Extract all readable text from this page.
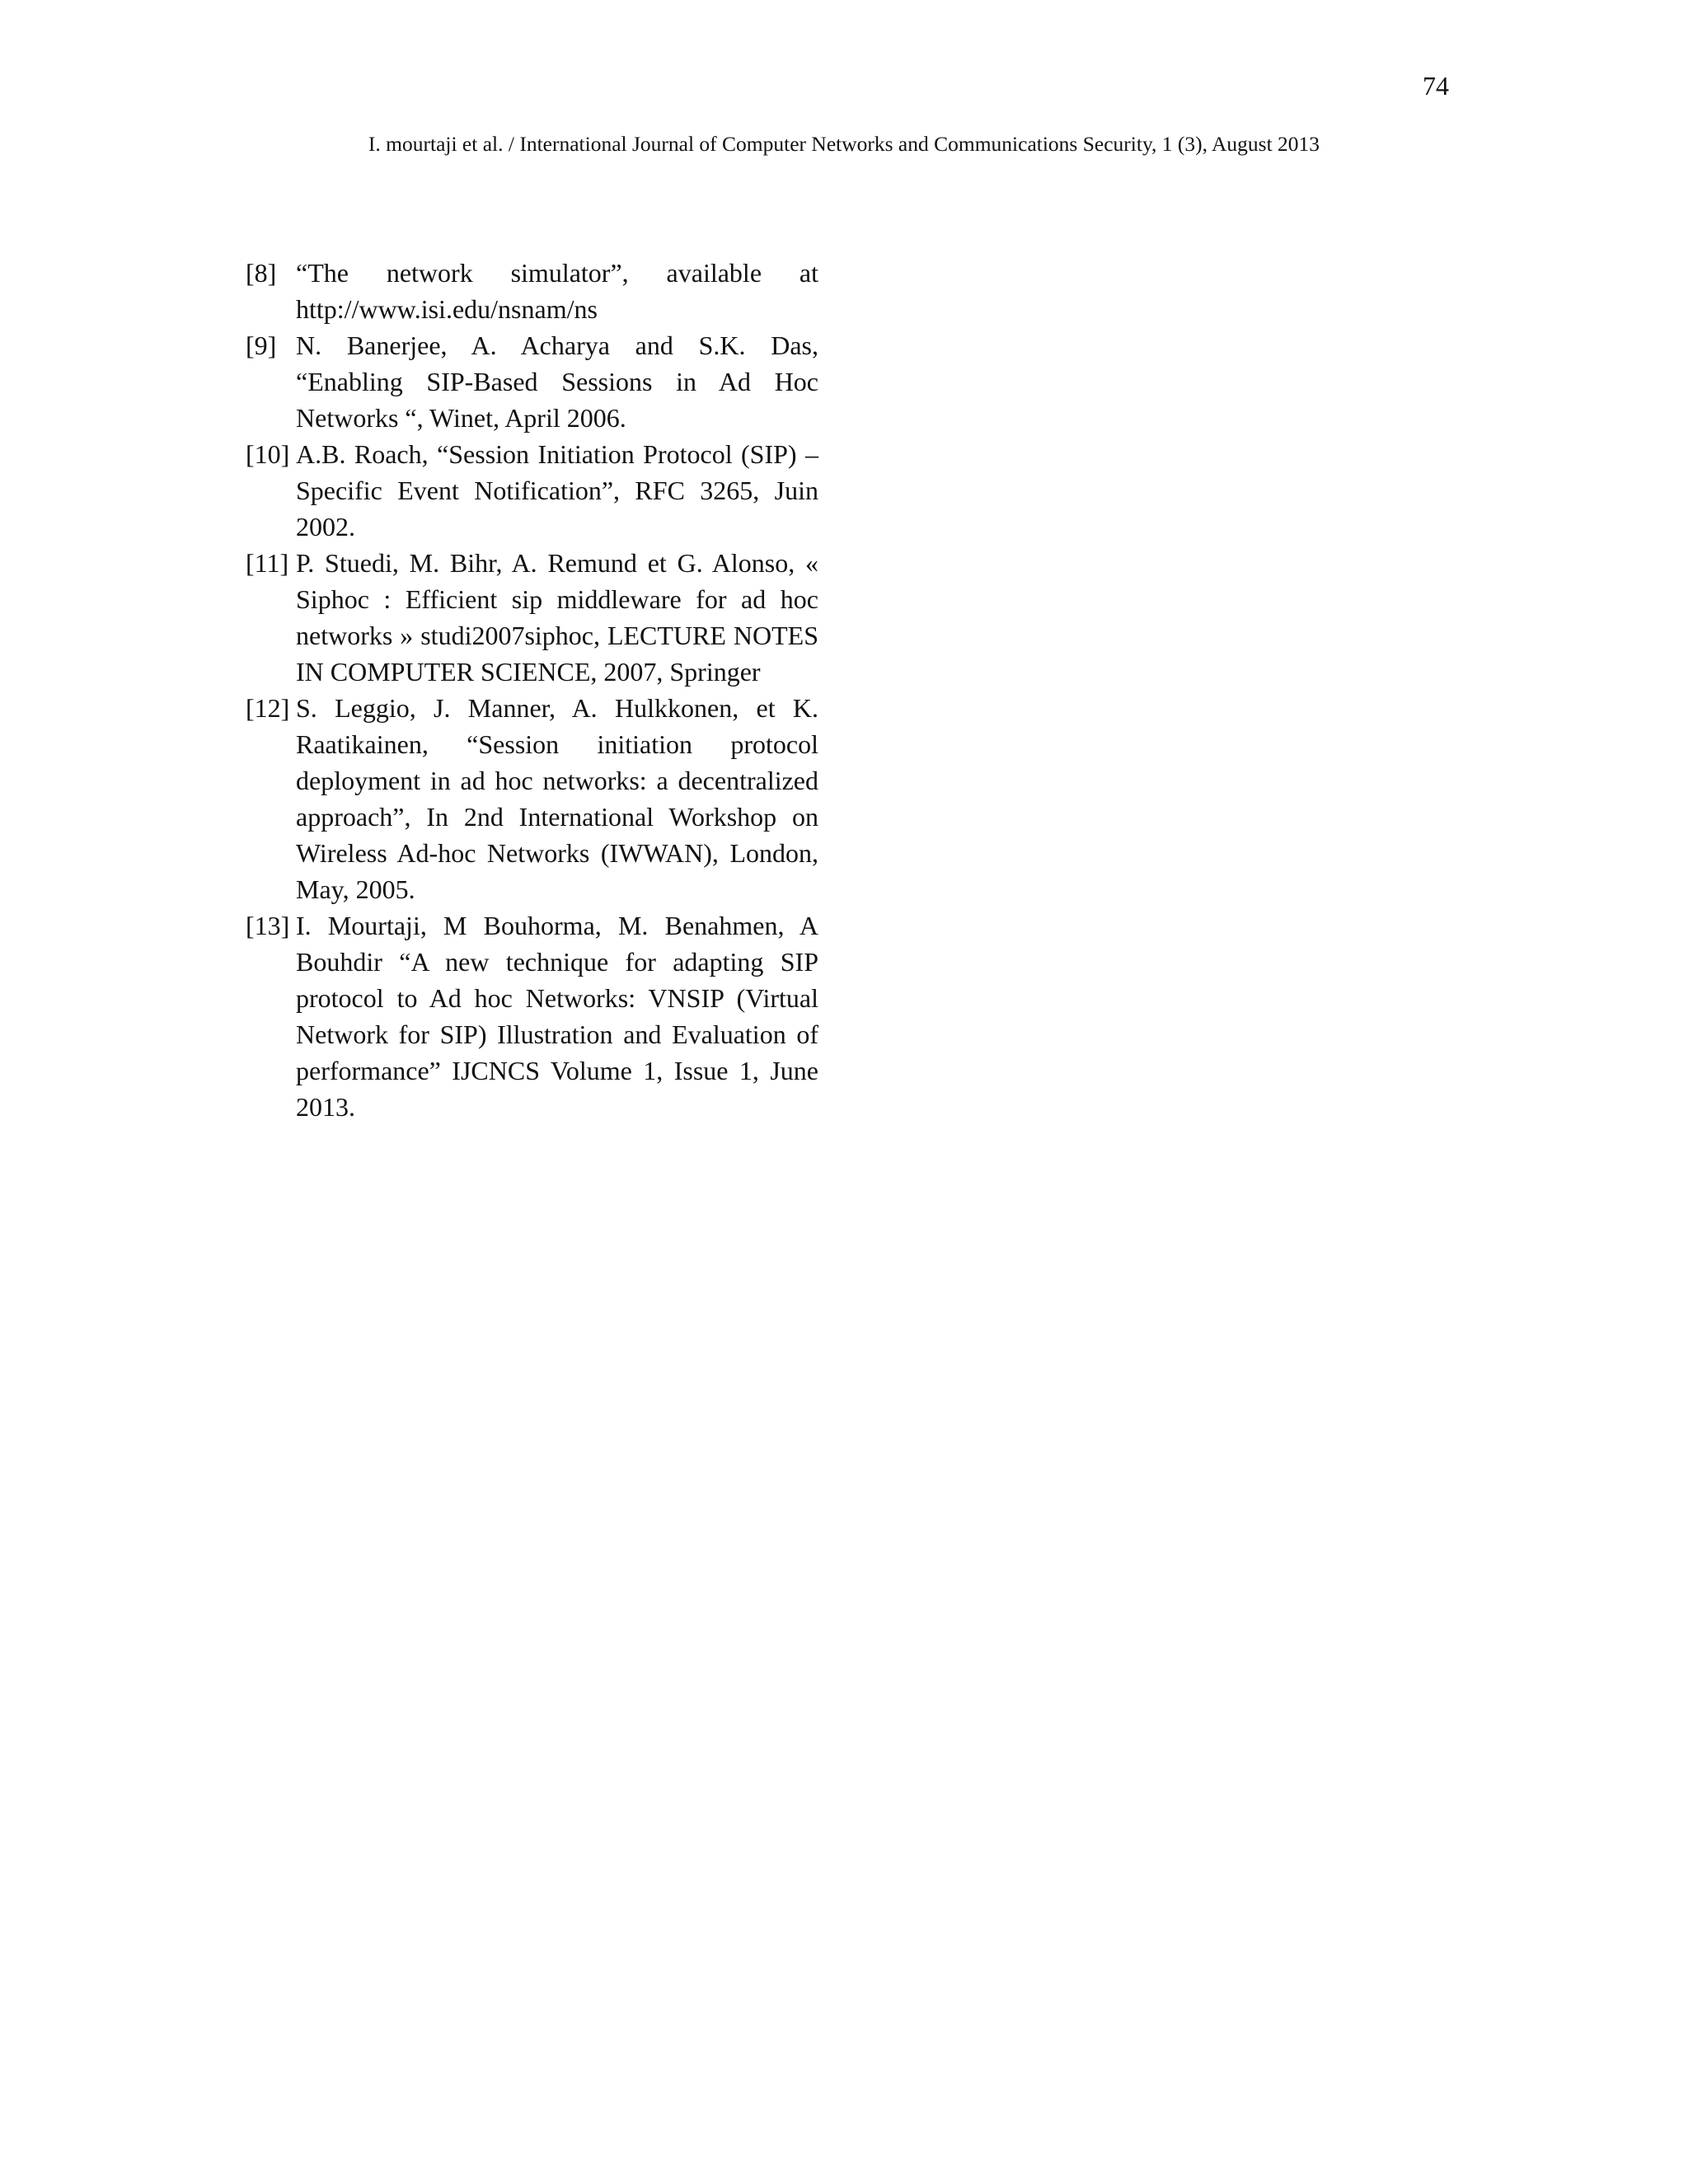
74
I. mourtaji et al. / International Journal of Computer Networks and Communications Security, 1 (3), August 2013
[8] “The network simulator”, available at http://www.isi.edu/nsnam/ns
[9] N. Banerjee, A. Acharya and S.K. Das, “Enabling SIP-Based Sessions in Ad Hoc Networks “, Winet, April 2006.
[10] A.B. Roach, “Session Initiation Protocol (SIP) – Specific Event Notification”, RFC 3265, Juin 2002.
[11] P. Stuedi, M. Bihr, A. Remund et G. Alonso, « Siphoc : Efficient sip middleware for ad hoc networks » studi2007siphoc, LECTURE NOTES IN COMPUTER SCIENCE, 2007, Springer
[12] S. Leggio, J. Manner, A. Hulkkonen, et K. Raatikainen, “Session initiation protocol deployment in ad hoc networks: a decentralized approach”, In 2nd International Workshop on Wireless Ad-hoc Networks (IWWAN), London, May, 2005.
[13] I. Mourtaji, M Bouhorma, M. Benahmen, A Bouhdir “A new technique for adapting SIP protocol to Ad hoc Networks: VNSIP (Virtual Network for SIP) Illustration and Evaluation of performance” IJCNCS Volume 1, Issue 1, June 2013.
